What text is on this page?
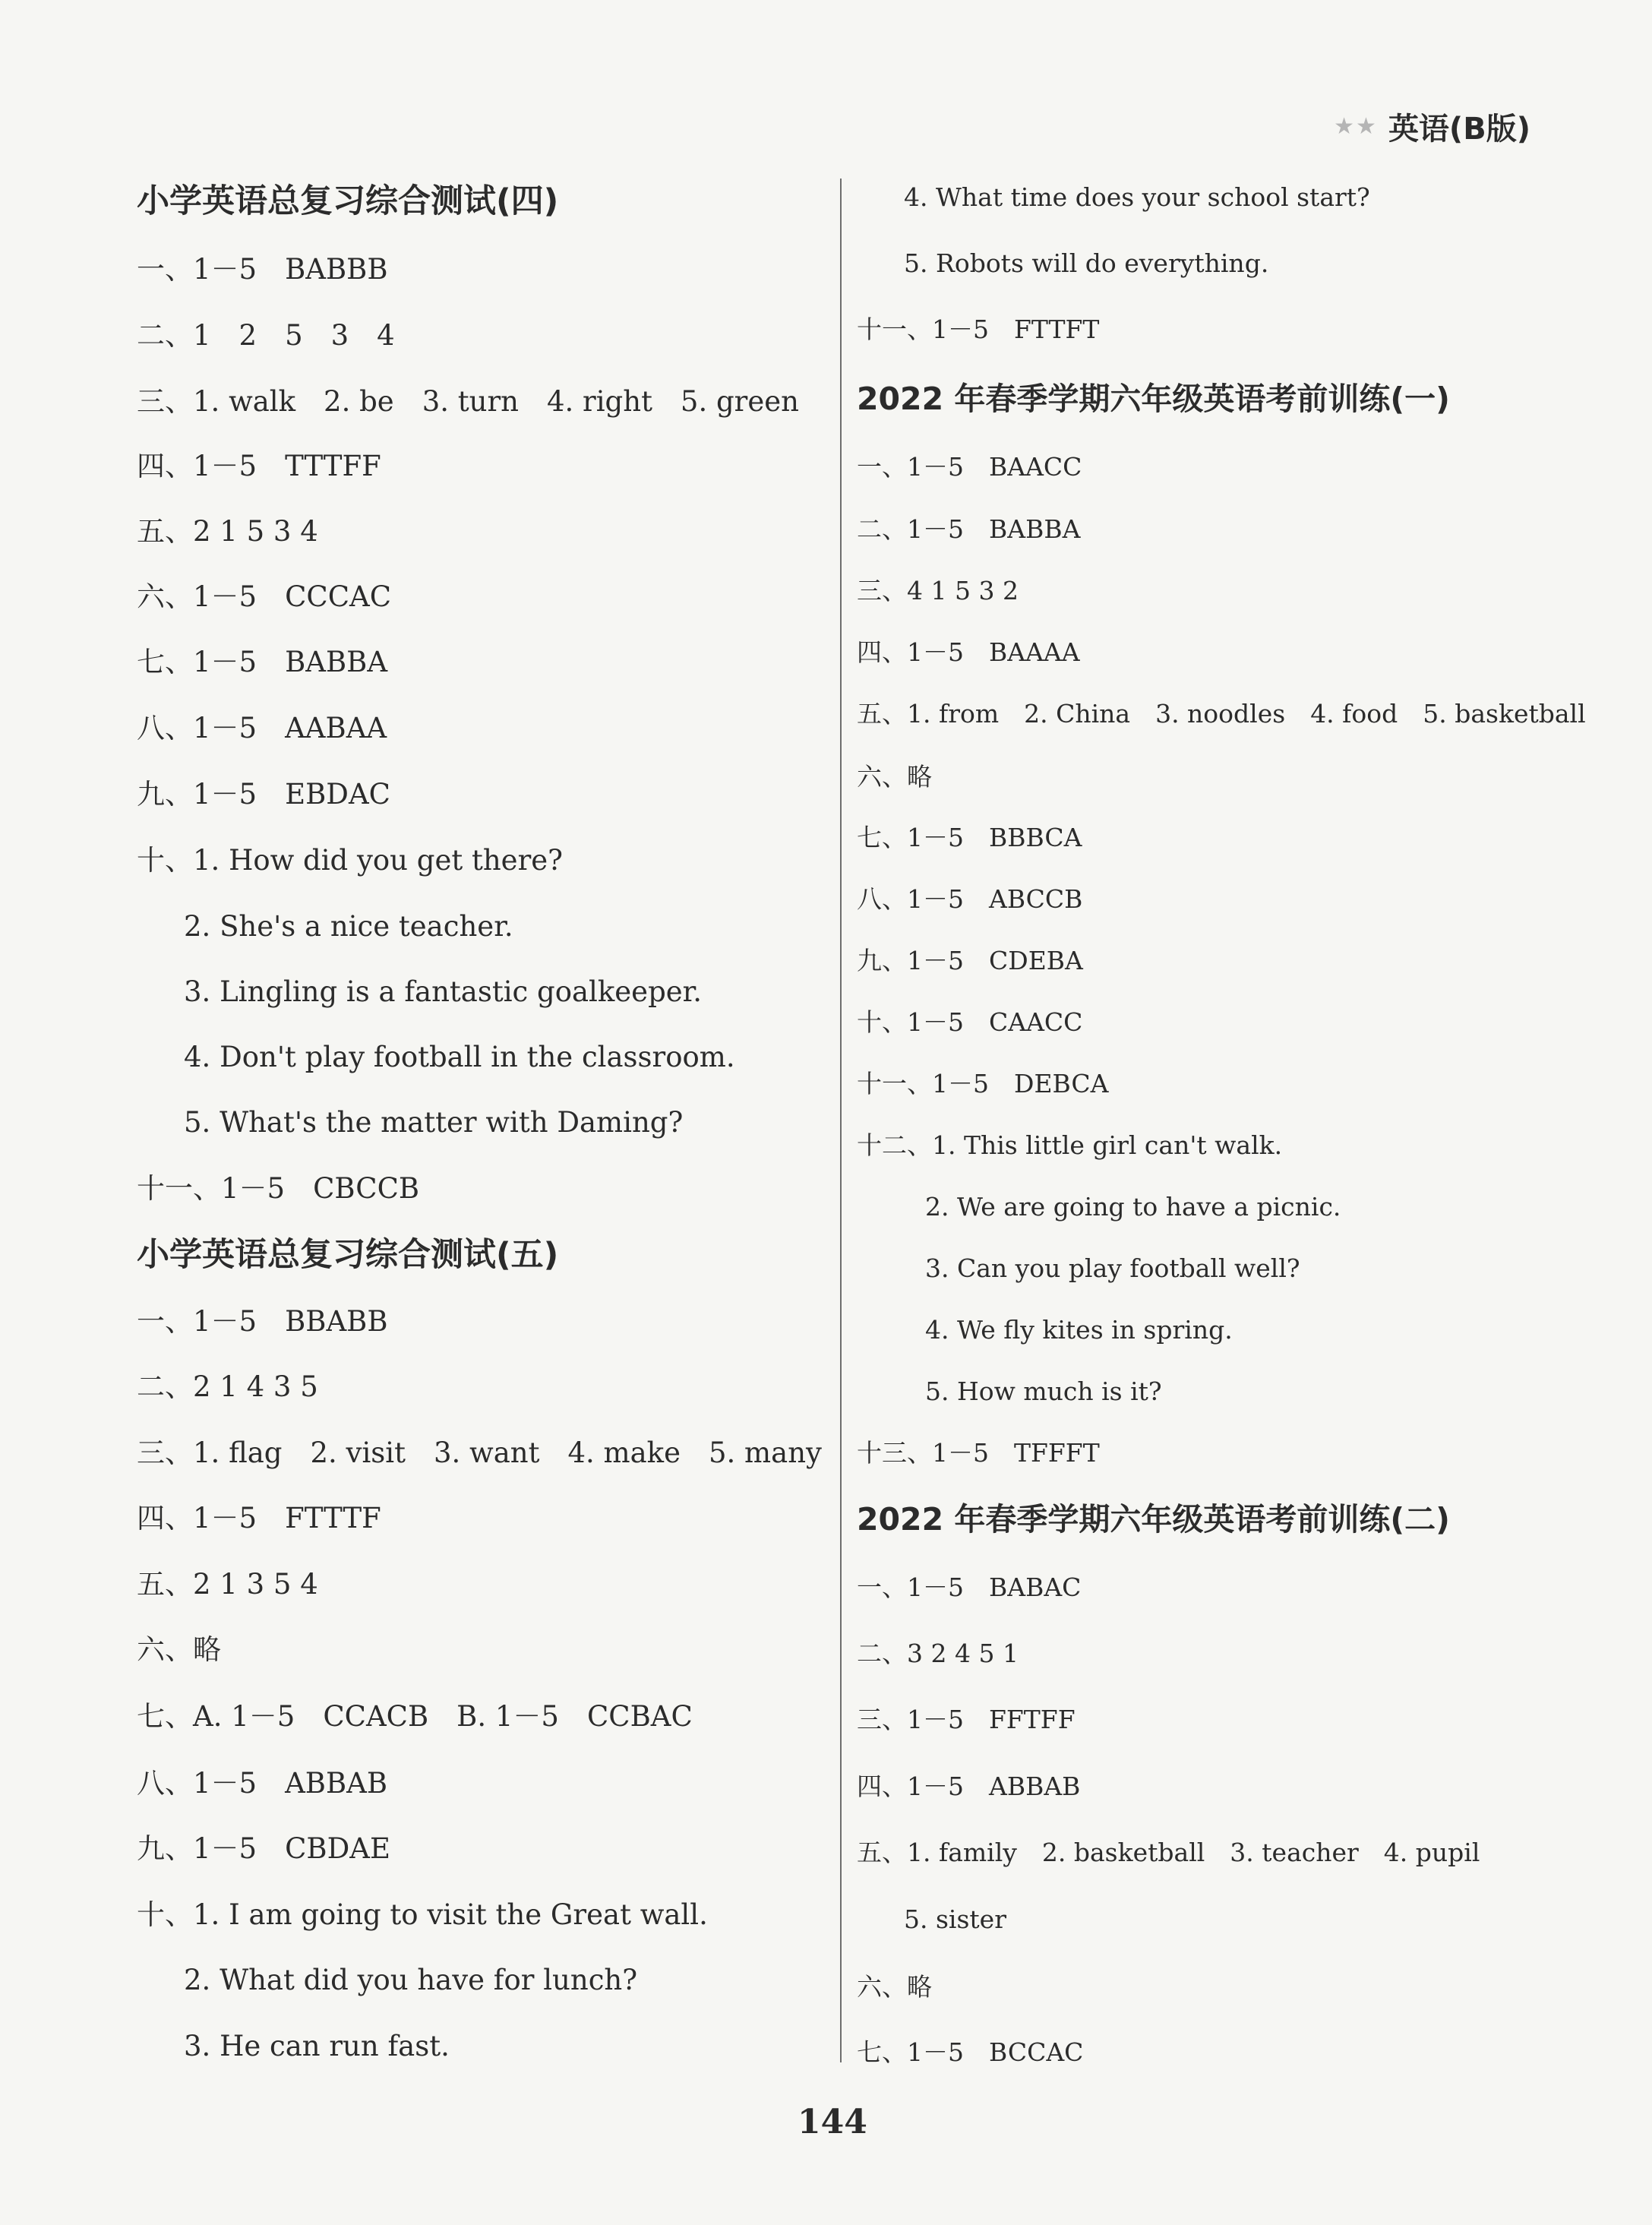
★★ 英语(B版)
小学英语总复习综合测试(四)
一、1－5　BABBB
二、1　2　5　3　4
三、1. walk　2. be　3. turn　4. right　5. green
四、1－5　TTTFF
五、2 1 5 3 4
六、1－5　CCCAC
七、1－5　BABBA
八、1－5　AABAA
九、1－5　EBDAC
十、1. How did you get there?
2. She's a nice teacher.
3. Lingling is a fantastic goalkeeper.
4. Don't play football in the classroom.
5. What's the matter with Daming?
十一、1－5　CBCCB
小学英语总复习综合测试(五)
一、1－5　BBABB
二、2 1 4 3 5
三、1. flag　2. visit　3. want　4. make　5. many
四、1－5　FTTTF
五、2 1 3 5 4
六、略
七、A. 1－5　CCACB　B. 1－5　CCBAC
八、1－5　ABBAB
九、1－5　CBDAE
十、1. I am going to visit the Great wall.
2. What did you have for lunch?
3. He can run fast.
4. What time does your school start?
5. Robots will do everything.
十一、1－5　FTTFT
2022 年春季学期六年级英语考前训练(一)
一、1－5　BAACC
二、1－5　BABBA
三、4 1 5 3 2
四、1－5　BAAAA
五、1. from　2. China　3. noodles　4. food　5. basketball
六、略
七、1－5　BBBCA
八、1－5　ABCCB
九、1－5　CDEBA
十、1－5　CAACC
十一、1－5　DEBCA
十二、1. This little girl can't walk.
2. We are going to have a picnic.
3. Can you play football well?
4. We fly kites in spring.
5. How much is it?
十三、1－5　TFFFT
2022 年春季学期六年级英语考前训练(二)
一、1－5　BABAC
二、3 2 4 5 1
三、1－5　FFTFF
四、1－5　ABBAB
五、1. family　2. basketball　3. teacher　4. pupil
5. sister
六、略
七、1－5　BCCAC
144
